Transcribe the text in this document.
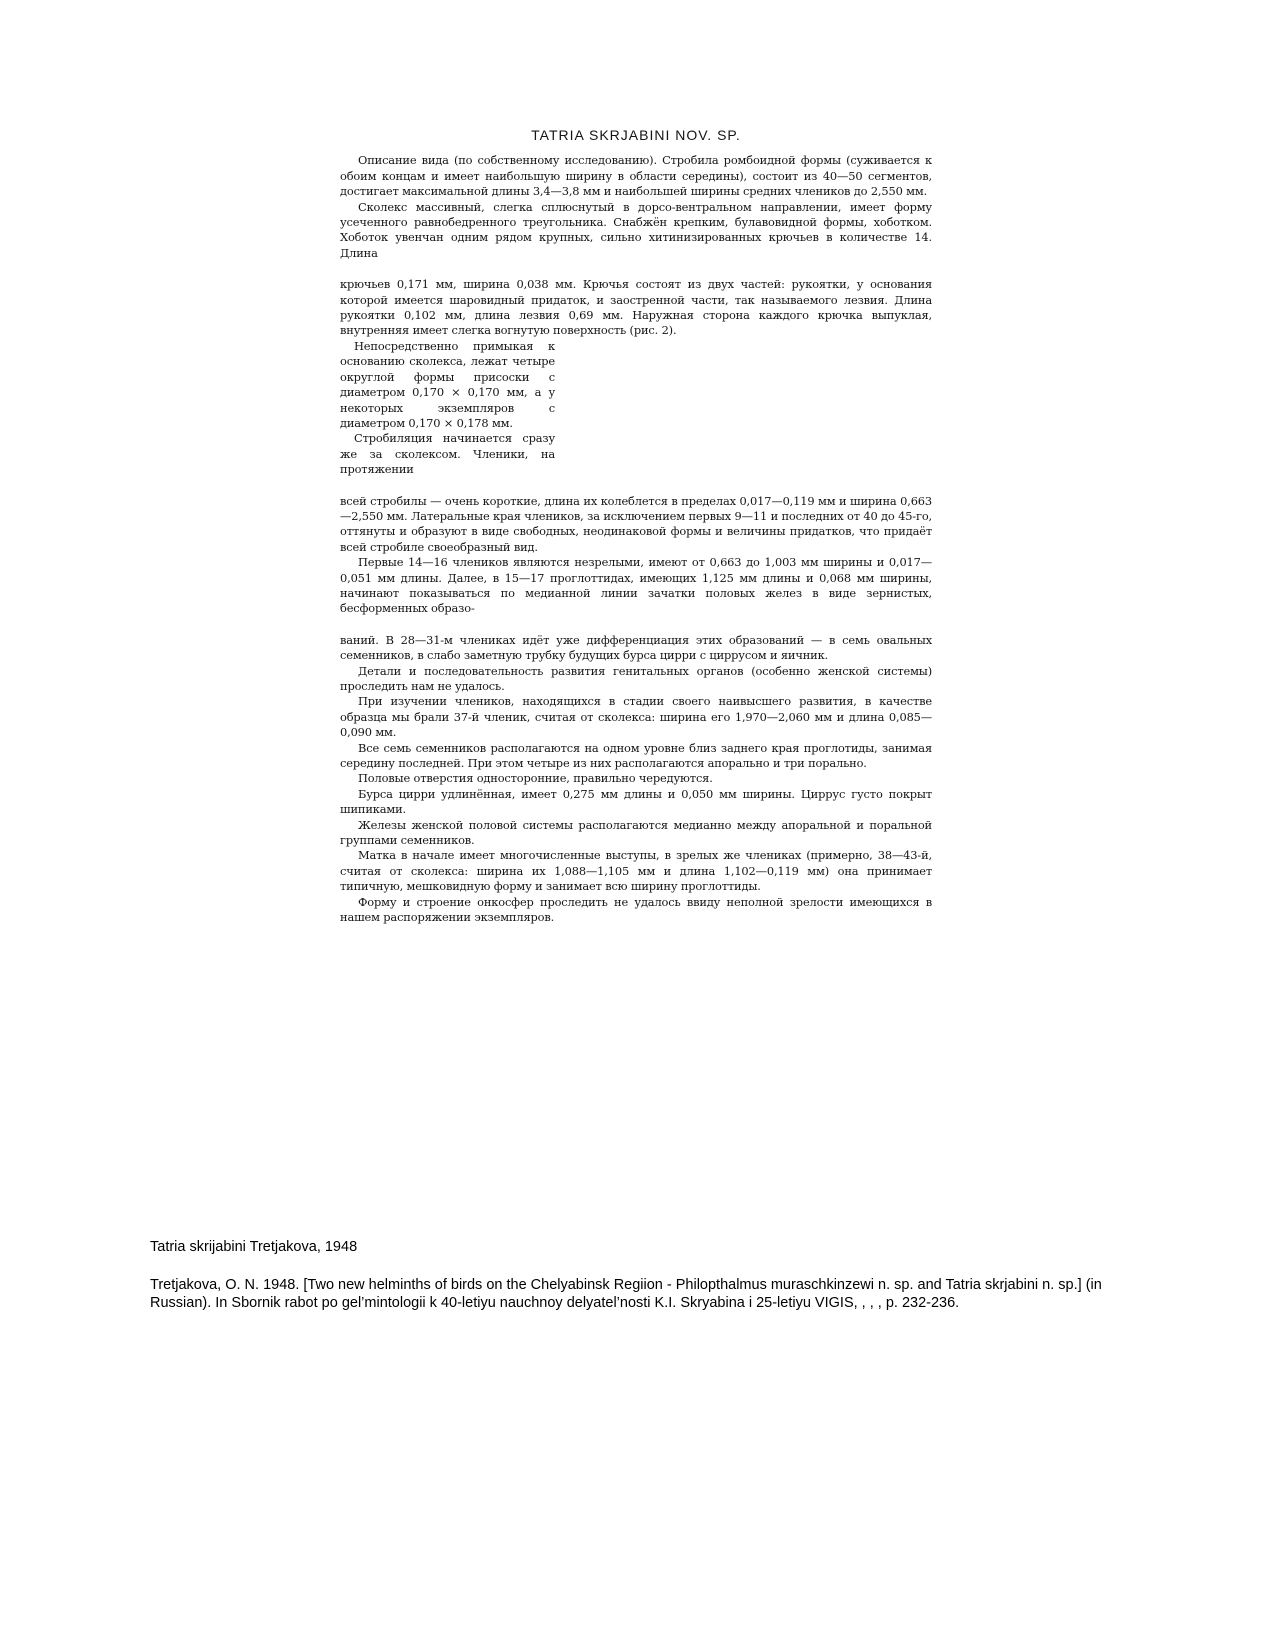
TATRIA SKRJABINI NOV. SP.

Описание вида (по собственному исследованию). Стробила ромбоидной формы (суживается к обоим концам и имеет наибольшую ширину в области середины), состоит из 40—50 сегментов, достигает максимальной длины 3,4—3,8 мм и наибольшей ширины средних члеников до 2,550 мм.

Сколекс массивный, слегка сплюснутый в дорсо-вентральном направлении, имеет форму усеченного равнобедренного треугольника. Снабжён крепким, булавовидной формы, хоботком. Хоботок увенчан одним рядом крупных, сильно хитинизированных крючьев в количестве 14. Длина

крючьев 0,171 мм, ширина 0,038 мм. Крючья состоят из двух частей: рукоятки, у основания которой имеется шаровидный придаток, и заостренной части, так называемого лезвия. Длина рукоятки 0,102 мм, длина лезвия 0,69 мм. Наружная сторона каждого крючка выпуклая, внутренняя имеет слегка вогнутую поверхность (рис. 2).

Непосредственно примыкая к основанию сколекса, лежат четыре округлой формы присоски с диаметром 0,170 × 0,170 мм, а у некоторых экземпляров с диаметром 0,170 × 0,178 мм.

Стробиляция начинается сразу же за сколексом. Членики, на протяжении

всей стробилы — очень короткие, длина их колеблется в пределах 0,017—0,119 мм и ширина 0,663—2,550 мм. Латеральные края члеников, за исключением первых 9—11 и последних от 40 до 45-го, оттянуты и образуют в виде свободных, неодинаковой формы и величины придатков, что придаёт всей стробиле своеобразный вид.

Первые 14—16 члеников являются незрелыми, имеют от 0,663 до 1,003 мм ширины и 0,017—0,051 мм длины. Далее, в 15—17 проглоттидах, имеющих 1,125 мм длины и 0,068 мм ширины, начинают показываться по медианной линии зачатки половых желез в виде зернистых, бесформенных образо-

ваний. В 28—31-м члениках идёт уже дифференциация этих образований — в семь овальных семенников, в слабо заметную трубку будущих бурса цирри с циррусом и яичник.

Детали и последовательность развития генитальных органов (особенно женской системы) проследить нам не удалось.

При изучении члеников, находящихся в стадии своего наивысшего развития, в качестве образца мы брали 37-й членик, считая от сколекса: ширина его 1,970—2,060 мм и длина 0,085—0,090 мм.

Все семь семенников располагаются на одном уровне близ заднего края проглотиды, занимая середину последней. При этом четыре из них располагаются апорально и три порально.

Половые отверстия односторонние, правильно чередуются.

Бурса цирри удлинённая, имеет 0,275 мм длины и 0,050 мм ширины. Циррус густо покрыт шипиками.

Железы женской половой системы располагаются медианно между апоральной и поральной группами семенников.

Матка в начале имеет многочисленные выступы, в зрелых же члениках (примерно, 38—43-й, считая от сколекса: ширина их 1,088—1,105 мм и длина 1,102—0,119 мм) она принимает типичную, мешковидную форму и занимает всю ширину проглоттиды.

Форму и строение онкосфер проследить не удалось ввиду неполной зрелости имеющихся в нашем распоряжении экземпляров.

Tatria skrijabini Tretjakova, 1948
Tretjakova, O. N. 1948. [Two new helminths of birds on the Chelyabinsk Regiion - Philopthalmus muraschkinzewi n. sp. and Tatria skrjabini n. sp.] (in Russian). In Sbornik rabot po gel’mintologii k 40-letiyu nauchnoy delyatel’nosti K.I. Skryabina i 25-letiyu VIGIS, , , , p. 232-236.
